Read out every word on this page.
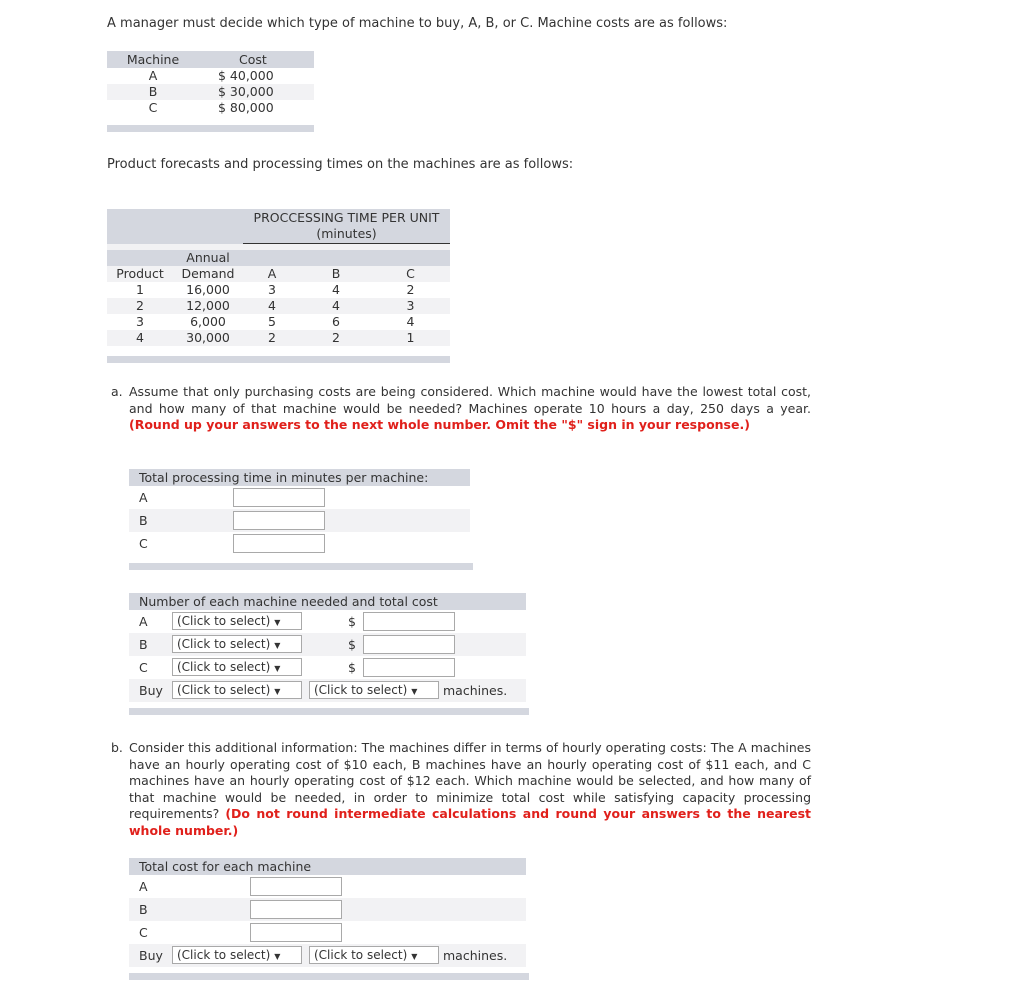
A manager must decide which type of machine to buy, A, B, or C. Machine costs are as follows:
Machine	Cost
A	$ 40,000
B	$ 30,000
C	$ 80,000
Product forecasts and processing times on the machines are as follows:
		PROCCESSING TIME PER UNIT (minutes)		

	Annual			
Product	Demand	A	B	C
1	16,000	3	4	2
2	12,000	4	4	3
3	6,000	5	6	4
4	30,000	2	2	1
a. Assume that only purchasing costs are being considered. Which machine would have the lowest total cost, and how many of that machine would be needed? Machines operate 10 hours a day, 250 days a year. (Round up your answers to the next whole number. Omit the "$" sign in your response.)
Total processing time in minutes per machine:
A
B
C
Number of each machine needed and total cost
A	(Click to select) ▼	$
B	(Click to select) ▼	$
C	(Click to select) ▼	$
Buy	(Click to select) ▼	(Click to select) ▼	machines.
b. Consider this additional information: The machines differ in terms of hourly operating costs: The A machines have an hourly operating cost of $10 each, B machines have an hourly operating cost of $11 each, and C machines have an hourly operating cost of $12 each. Which machine would be selected, and how many of that machine would be needed, in order to minimize total cost while satisfying capacity processing requirements? (Do not round intermediate calculations and round your answers to the nearest whole number.)
Total cost for each machine
A
B
C
Buy	(Click to select) ▼	(Click to select) ▼	machines.
